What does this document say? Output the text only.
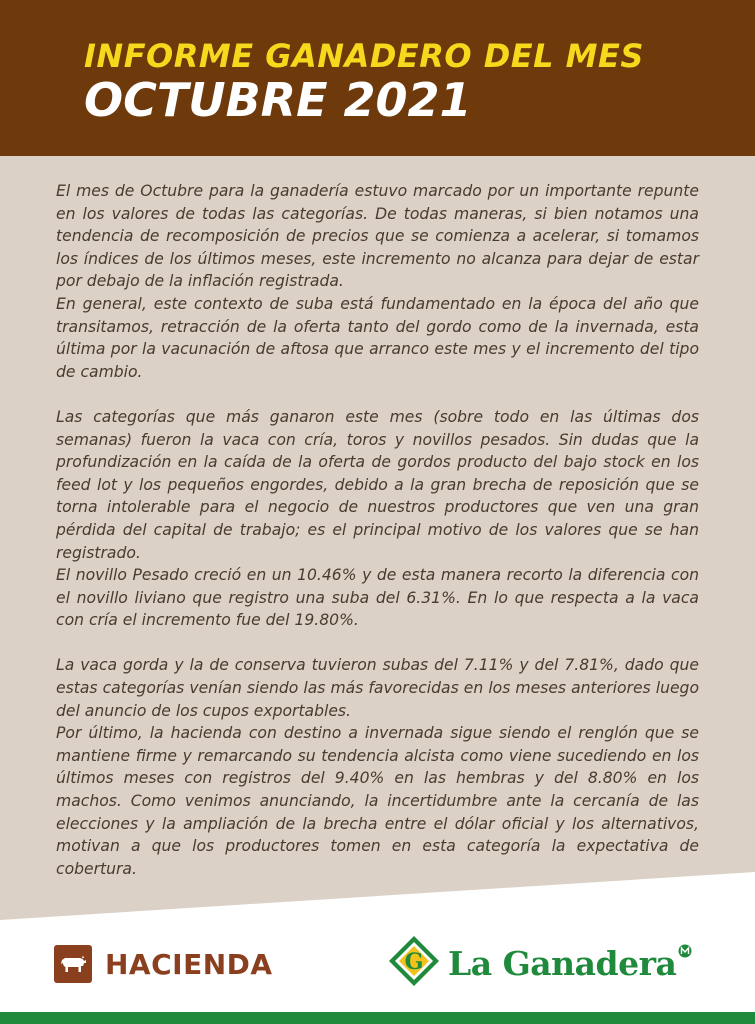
INFORME GANADERO DEL MES
OCTUBRE 2021

El mes de Octubre para la ganadería estuvo marcado por un importante repunte en los valores de todas las categorías. De todas maneras, si bien notamos una tendencia de recomposición de precios que se comienza a acelerar, si tomamos los índices de los últimos meses, este incremento no alcanza para dejar de estar por debajo de la inflación registrada.

En general, este contexto de suba está fundamentado en la época del año que transitamos, retracción de la oferta tanto del gordo como de la invernada, esta última por la vacunación de aftosa que arranco este mes y el incremento del tipo de cambio.

Las categorías que más ganaron este mes (sobre todo en las últimas dos semanas) fueron la vaca con cría, toros y novillos pesados. Sin dudas que la profundización en la caída de la oferta de gordos producto del bajo stock en los feed lot y los pequeños engordes, debido a la gran brecha de reposición que se torna intolerable para el negocio de nuestros productores que ven una gran pérdida del capital de trabajo; es el principal motivo de los valores que se han registrado.

El novillo Pesado creció en un 10.46% y de esta manera recorto la diferencia con el novillo liviano que registro una suba del 6.31%. En lo que respecta a la vaca con cría el incremento fue del 19.80%.

La vaca gorda y la de conserva tuvieron subas del 7.11% y del 7.81%, dado que estas categorías venían siendo las más favorecidas en los meses anteriores luego del anuncio de los cupos exportables.

Por último, la hacienda con destino a invernada sigue siendo el renglón que se mantiene firme y remarcando su tendencia alcista como viene sucediendo en los últimos meses con registros del 9.40% en las hembras y del 8.80% en los machos. Como venimos anunciando, la incertidumbre ante la cercanía de las elecciones y la ampliación de la brecha entre el dólar oficial y los alternativos, motivan a que los productores tomen en esta categoría la expectativa de cobertura.

HACIENDA	G La Ganadera
